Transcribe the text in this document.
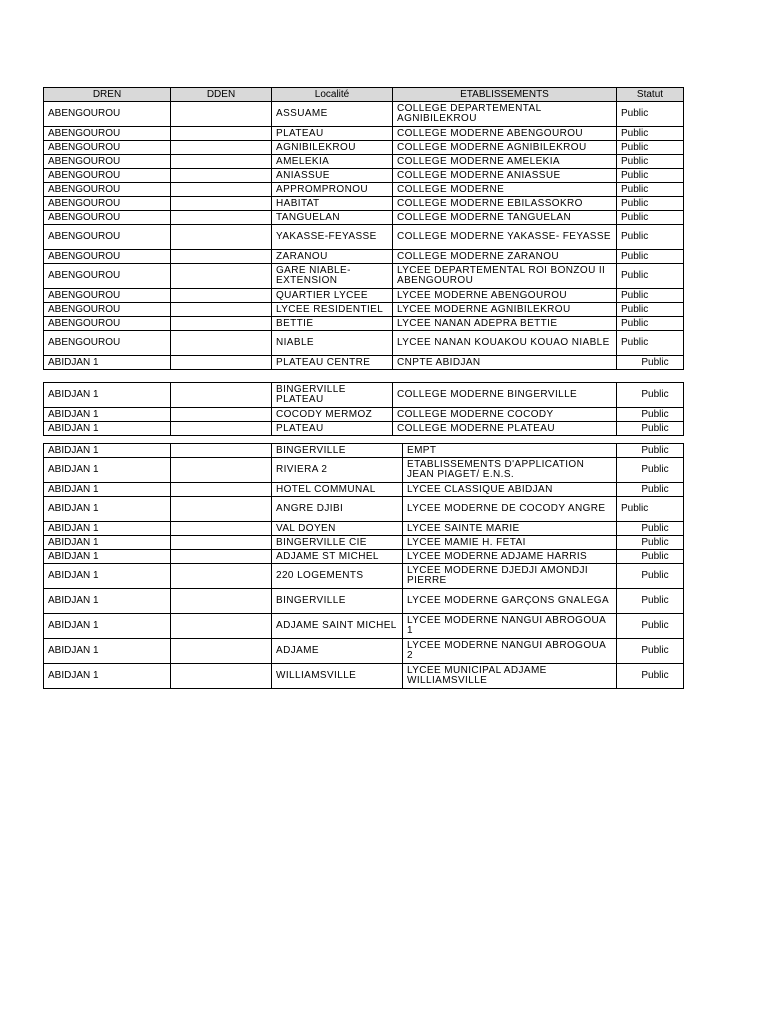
DREN	DDEN	Localité	ETABLISSEMENTS	Statut
ABENGOUROU		ASSUAME	COLLEGE DEPARTEMENTAL AGNIBILEKROU	Public
ABENGOUROU		PLATEAU	COLLEGE MODERNE ABENGOUROU	Public
ABENGOUROU		AGNIBILEKROU	COLLEGE MODERNE AGNIBILEKROU	Public
ABENGOUROU		AMELEKIA	COLLEGE MODERNE AMELEKIA	Public
ABENGOUROU		ANIASSUE	COLLEGE MODERNE ANIASSUE	Public
ABENGOUROU		APPROMPRONOU	COLLEGE MODERNE	Public
ABENGOUROU		HABITAT	COLLEGE MODERNE EBILASSOKRO	Public
ABENGOUROU		TANGUELAN	COLLEGE MODERNE TANGUELAN	Public
ABENGOUROU		YAKASSE-FEYASSE	COLLEGE MODERNE YAKASSE- FEYASSE	Public
ABENGOUROU		ZARANOU	COLLEGE MODERNE ZARANOU	Public
ABENGOUROU		GARE NIABLE-EXTENSION	LYCEE DEPARTEMENTAL ROI BONZOU II ABENGOUROU	Public
ABENGOUROU		QUARTIER LYCEE	LYCEE MODERNE ABENGOUROU	Public
ABENGOUROU		LYCEE RESIDENTIEL	LYCEE MODERNE AGNIBILEKROU	Public
ABENGOUROU		BETTIE	LYCEE NANAN ADEPRA BETTIE	Public
ABENGOUROU		NIABLE	LYCEE NANAN KOUAKOU KOUAO NIABLE	Public
ABIDJAN 1		PLATEAU CENTRE	CNPTE ABIDJAN	Public
ABIDJAN 1		BINGERVILLE PLATEAU	COLLEGE MODERNE BINGERVILLE	Public
ABIDJAN 1		COCODY MERMOZ	COLLEGE MODERNE COCODY	Public
ABIDJAN 1		PLATEAU	COLLEGE MODERNE PLATEAU	Public
ABIDJAN 1		BINGERVILLE	EMPT	Public
ABIDJAN 1		RIVIERA 2	ETABLISSEMENTS D'APPLICATION JEAN PIAGET/ E.N.S.	Public
ABIDJAN 1		HOTEL COMMUNAL	LYCEE CLASSIQUE ABIDJAN	Public
ABIDJAN 1		ANGRE DJIBI	LYCEE MODERNE DE COCODY ANGRE	Public
ABIDJAN 1		VAL DOYEN	LYCEE SAINTE MARIE	Public
ABIDJAN 1		BINGERVILLE CIE	LYCEE MAMIE H. FETAI	Public
ABIDJAN 1		ADJAME ST MICHEL	LYCEE MODERNE ADJAME HARRIS	Public
ABIDJAN 1		220 LOGEMENTS	LYCEE MODERNE DJEDJI AMONDJI PIERRE	Public
ABIDJAN 1		BINGERVILLE	LYCEE MODERNE GARÇONS GNALEGA	Public
ABIDJAN 1		ADJAME SAINT MICHEL	LYCEE MODERNE NANGUI ABROGOUA 1	Public
ABIDJAN 1		ADJAME	LYCEE MODERNE NANGUI ABROGOUA 2	Public
ABIDJAN 1		WILLIAMSVILLE	LYCEE MUNICIPAL ADJAME WILLIAMSVILLE	Public
